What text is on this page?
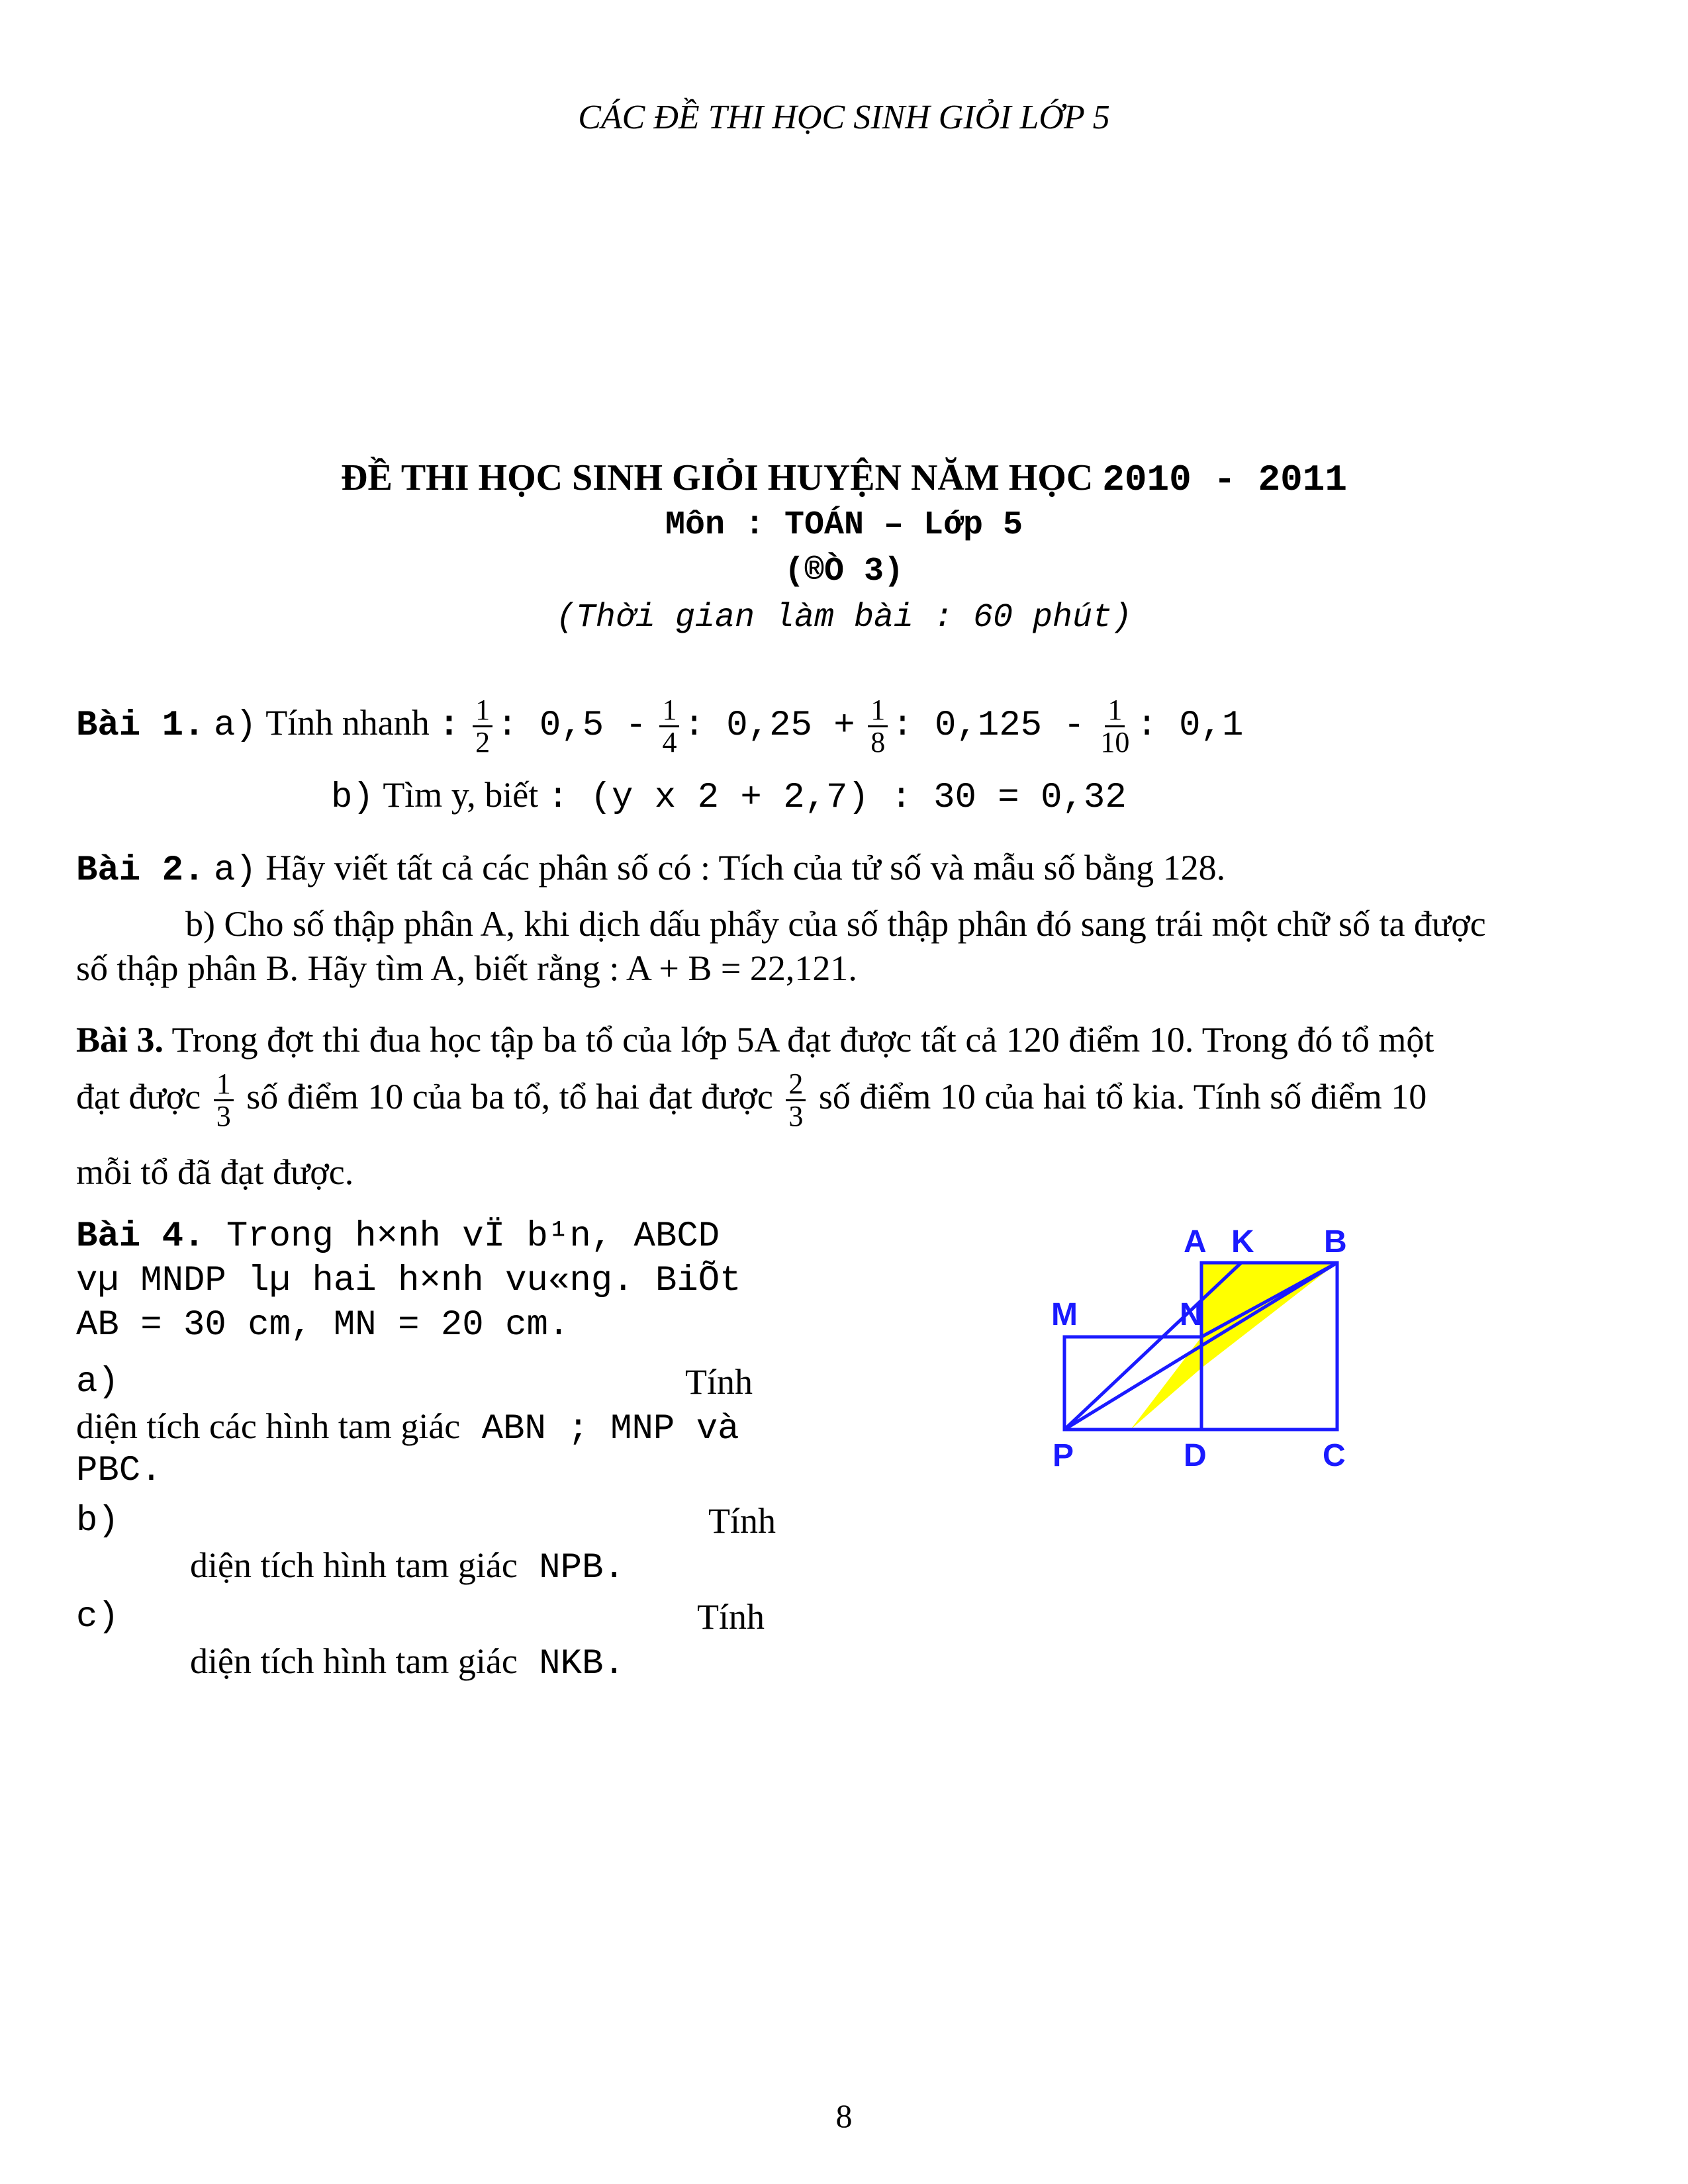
CÁC ĐỀ THI HỌC SINH GIỎI LỚP 5
ĐỀ THI HỌC SINH GIỎI HUYỆN NĂM HỌC 2010 - 2011
Môn : TOÁN – Lớp 5
(®Ò 3)
(Thời gian làm bài : 60 phút)
Bài 1. a) Tính nhanh : $\frac{1}{2}$ : $0,5 - \frac{1}{4}$ : $0,25 + \frac{1}{8}$ : $0,125 - \frac{1}{10}$ : 0,1
b) Tìm y, biết : (y x 2 + 2,7) : 30 = 0,32
Bài 2. a) Hãy viết tất cả các phân số có : Tích của tử số và mẫu số bằng 128.
b) Cho số thập phân A, khi dịch dấu phẩy của số thập phân đó sang trái một chữ số ta được
số thập phân B. Hãy tìm A, biết rằng : A + B = 22,121.
Bài 3. Trong đợt thi đua học tập ba tổ của lớp 5A đạt được tất cả 120 điểm 10. Trong đó tổ một
đạt được $\frac{1}{3}$ số điểm 10 của ba tổ, tổ hai đạt được $\frac{2}{3}$ số điểm 10 của hai tổ kia. Tính số điểm 10
mỗi tổ đã đạt được.
Bài 4. Trong h×nh vÏ b¹n, ABCD
vµ MNDP lµ hai h×nh vu«ng. BiÕt
AB = 30 cm, MN = 20 cm.
a)	Tính
diện tích các hình tam giác ABN ; MNP và
PBC.
b)	Tính
diện tích hình tam giác NPB.
c)	Tính
diện tích hình tam giác NKB.
A K B
M	N
P	D	C
8
